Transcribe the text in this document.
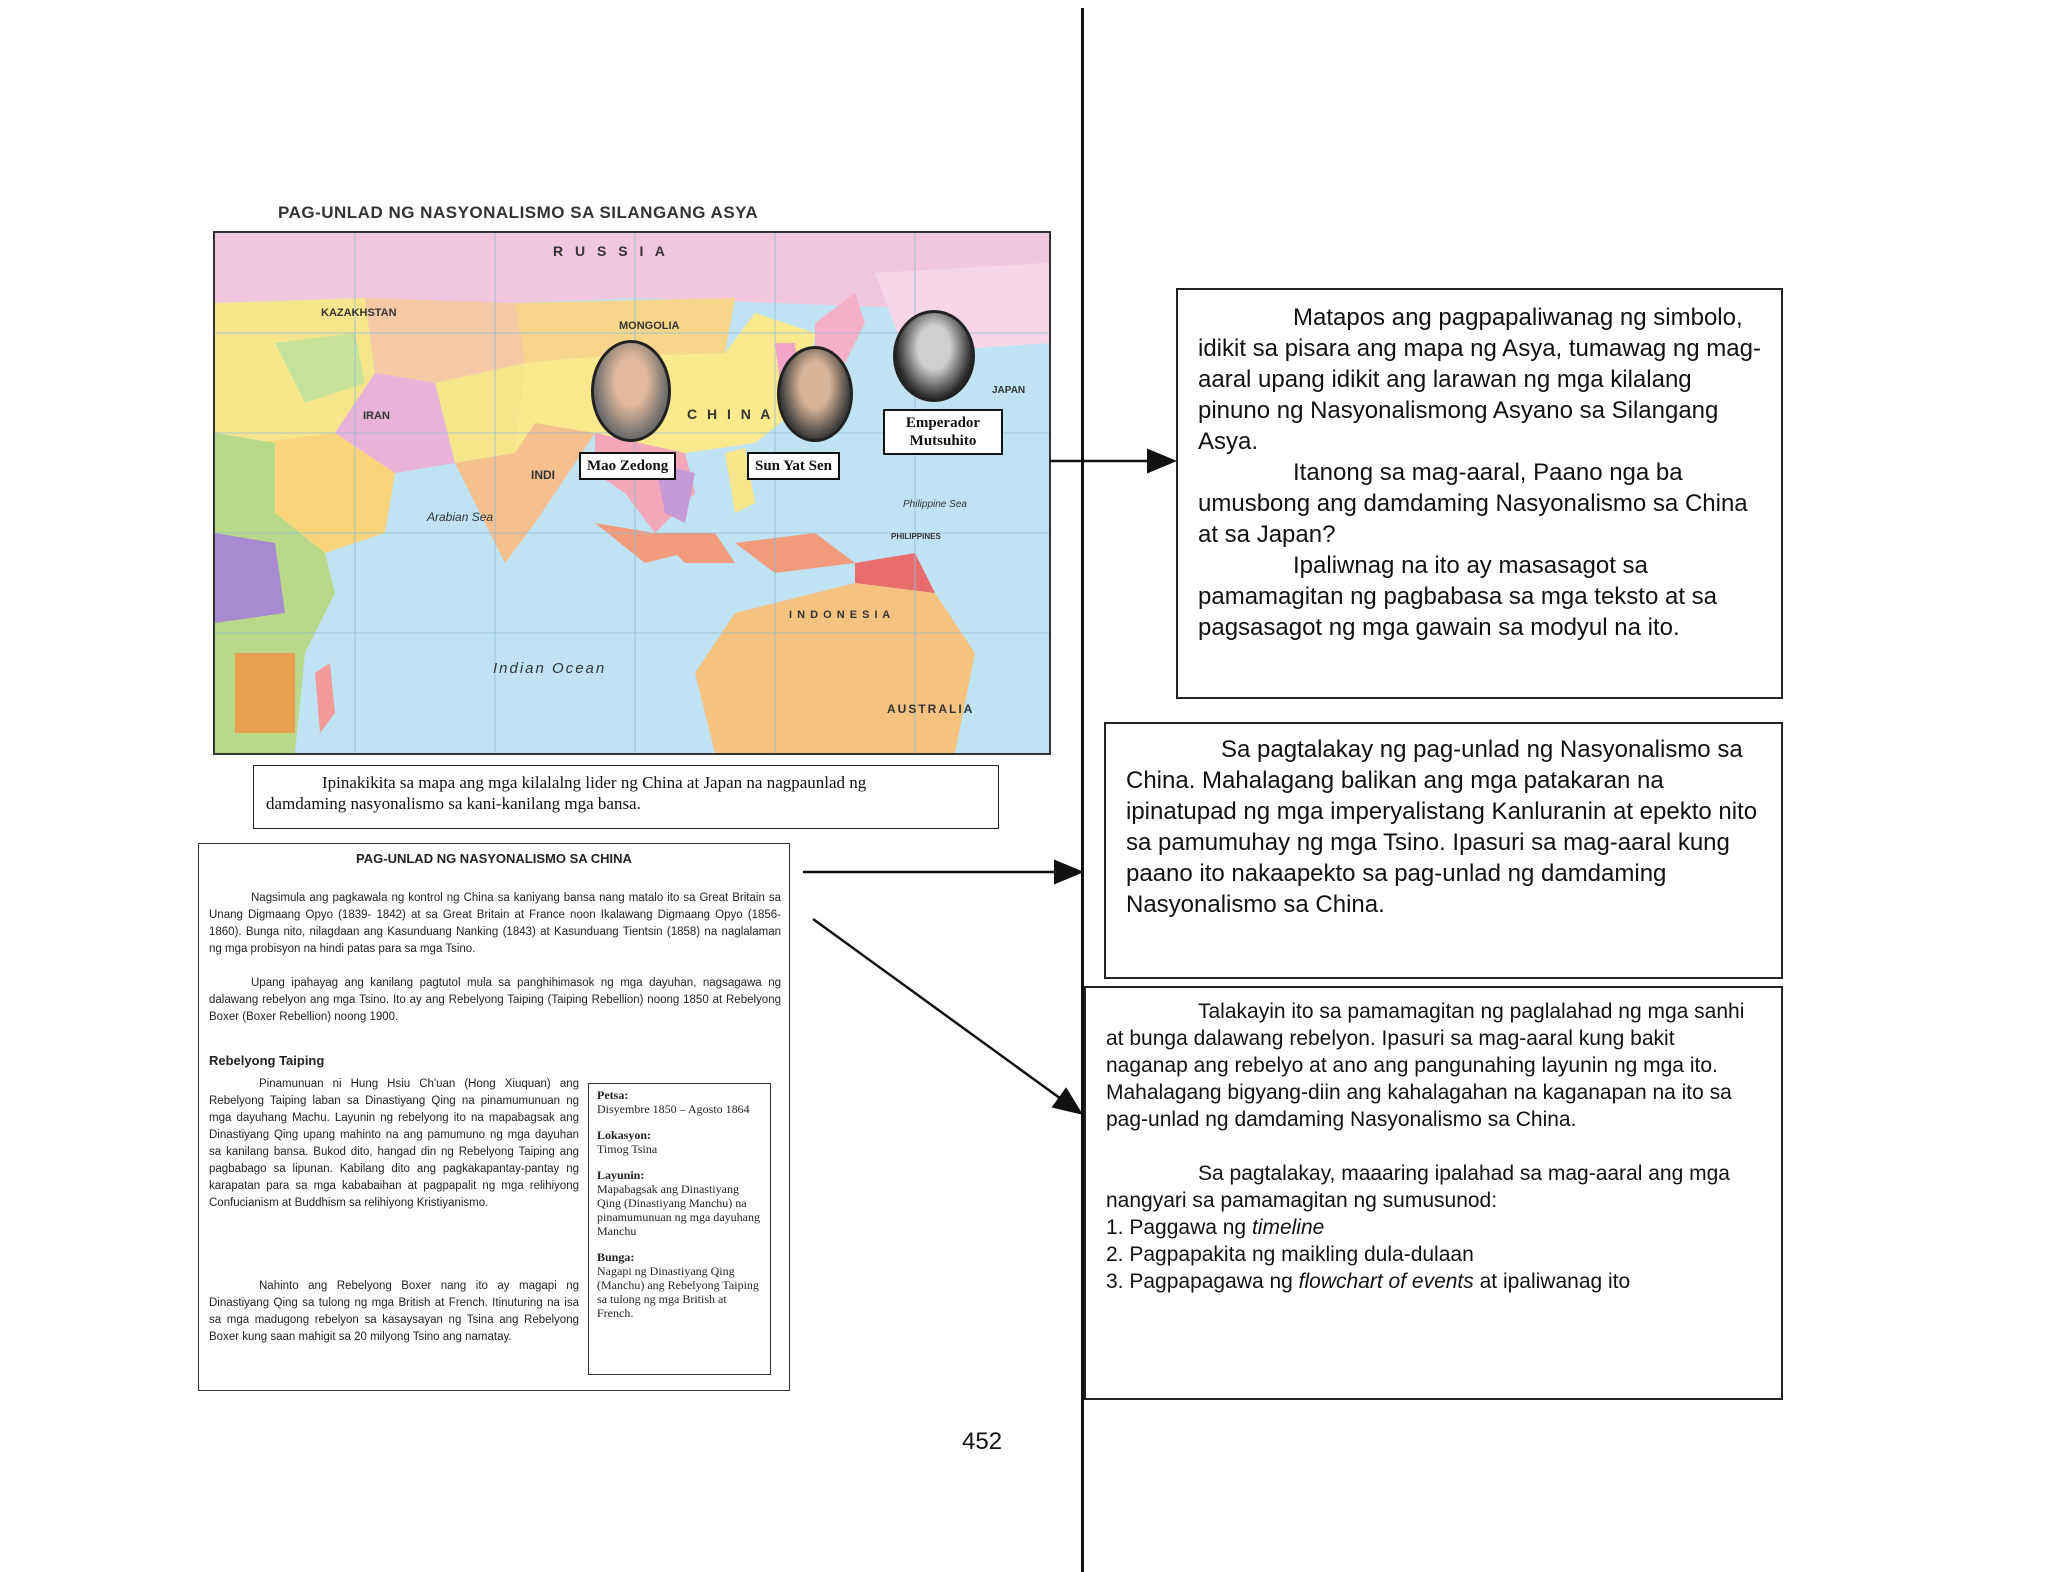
PAG-UNLAD NG NASYONALISMO SA SILANGANG ASYA
R U S S I A
KAZAKHSTAN
MONGOLIA
C H I N A
INDI
IRAN
JAPAN
Arabian Sea
Indian Ocean
I N D O N E S I A
AUSTRALIA
Philippine Sea
PHILIPPINES
Mao Zedong	Sun Yat Sen
Emperador
Mutsuhito
Ipinakikita sa mapa ang mga kilalalng lider ng China at Japan na nagpaunlad ng
damdaming nasyonalismo sa kani-kanilang mga bansa.
PAG-UNLAD NG NASYONALISMO SA CHINA
Nagsimula ang pagkawala ng kontrol ng China sa kaniyang bansa nang matalo ito sa Great Britain sa Unang Digmaang Opyo (1839- 1842) at sa Great Britain at France noon Ikalawang Digmaang Opyo (1856-1860). Bunga nito, nilagdaan ang Kasunduang Nanking (1843) at Kasunduang Tientsin (1858) na naglalaman ng mga probisyon na hindi patas para sa mga Tsino.
Upang ipahayag ang kanilang pagtutol mula sa panghihimasok ng mga dayuhan, nagsagawa ng dalawang rebelyon ang mga Tsino. Ito ay ang Rebelyong Taiping (Taiping Rebellion) noong 1850 at Rebelyong Boxer (Boxer Rebellion) noong 1900.
Rebelyong Taiping
Pinamunuan ni Hung Hsiu Ch'uan (Hong Xiuquan) ang Rebelyong Taiping laban sa Dinastiyang Qing na pinamumunuan ng mga dayuhang Machu. Layunin ng rebelyong ito na mapabagsak ang Dinastiyang Qing upang mahinto na ang pamumuno ng mga dayuhan sa kanilang bansa. Bukod dito, hangad din ng Rebelyong Taiping ang pagbabago sa lipunan. Kabilang dito ang pagkakapantay-pantay ng karapatan para sa mga kababaihan at pagpapalit ng mga relihiyong Confucianism at Buddhism sa relihiyong Kristiyanismo.
Nahinto ang Rebelyong Boxer nang ito ay magapi ng Dinastiyang Qing sa tulong ng mga British at French. Itinuturing na isa sa mga madugong rebelyon sa kasaysayan ng Tsina ang Rebelyong Boxer kung saan mahigit sa 20 milyong Tsino ang namatay.
Petsa:
Disyembre 1850 – Agosto 1864
Lokasyon:
Timog Tsina
Layunin:
Mapabagsak ang Dinastiyang Qing (Dinastiyang Manchu) na pinamumunuan ng mga dayuhang Manchu
Bunga:
Nagapi ng Dinastiyang Qing (Manchu) ang Rebelyong Taiping sa tulong ng mga British at French.
Matapos ang pagpapaliwanag ng simbolo, idikit sa pisara ang mapa ng Asya, tumawag ng mag-aaral upang idikit ang larawan ng mga kilalang pinuno ng Nasyonalismong Asyano sa Silangang Asya.
Itanong sa mag-aaral, Paano nga ba umusbong ang damdaming Nasyonalismo sa China at sa Japan?
Ipaliwnag na ito ay masasagot sa pamamagitan ng pagbabasa sa mga teksto at sa pagsasagot ng mga gawain sa modyul na ito.
Sa pagtalakay ng pag-unlad ng Nasyonalismo sa China. Mahalagang balikan ang mga patakaran na ipinatupad ng mga imperyalistang Kanluranin at epekto nito sa pamumuhay ng mga Tsino. Ipasuri sa mag-aaral kung paano ito nakaapekto sa pag-unlad ng damdaming Nasyonalismo sa China.
Talakayin ito sa pamamagitan ng paglalahad ng mga sanhi at bunga dalawang rebelyon. Ipasuri sa mag-aaral kung bakit naganap ang rebelyo at ano ang pangunahing layunin ng mga ito. Mahalagang bigyang-diin ang kahalagahan na kaganapan na ito sa pag-unlad ng damdaming Nasyonalismo sa China.
Sa pagtalakay, maaaring ipalahad sa mag-aaral ang mga nangyari sa pamamagitan ng sumusunod:
1. Paggawa ng timeline
2. Pagpapakita ng maikling dula-dulaan
3. Pagpapagawa ng flowchart of events at ipaliwanag ito
452
